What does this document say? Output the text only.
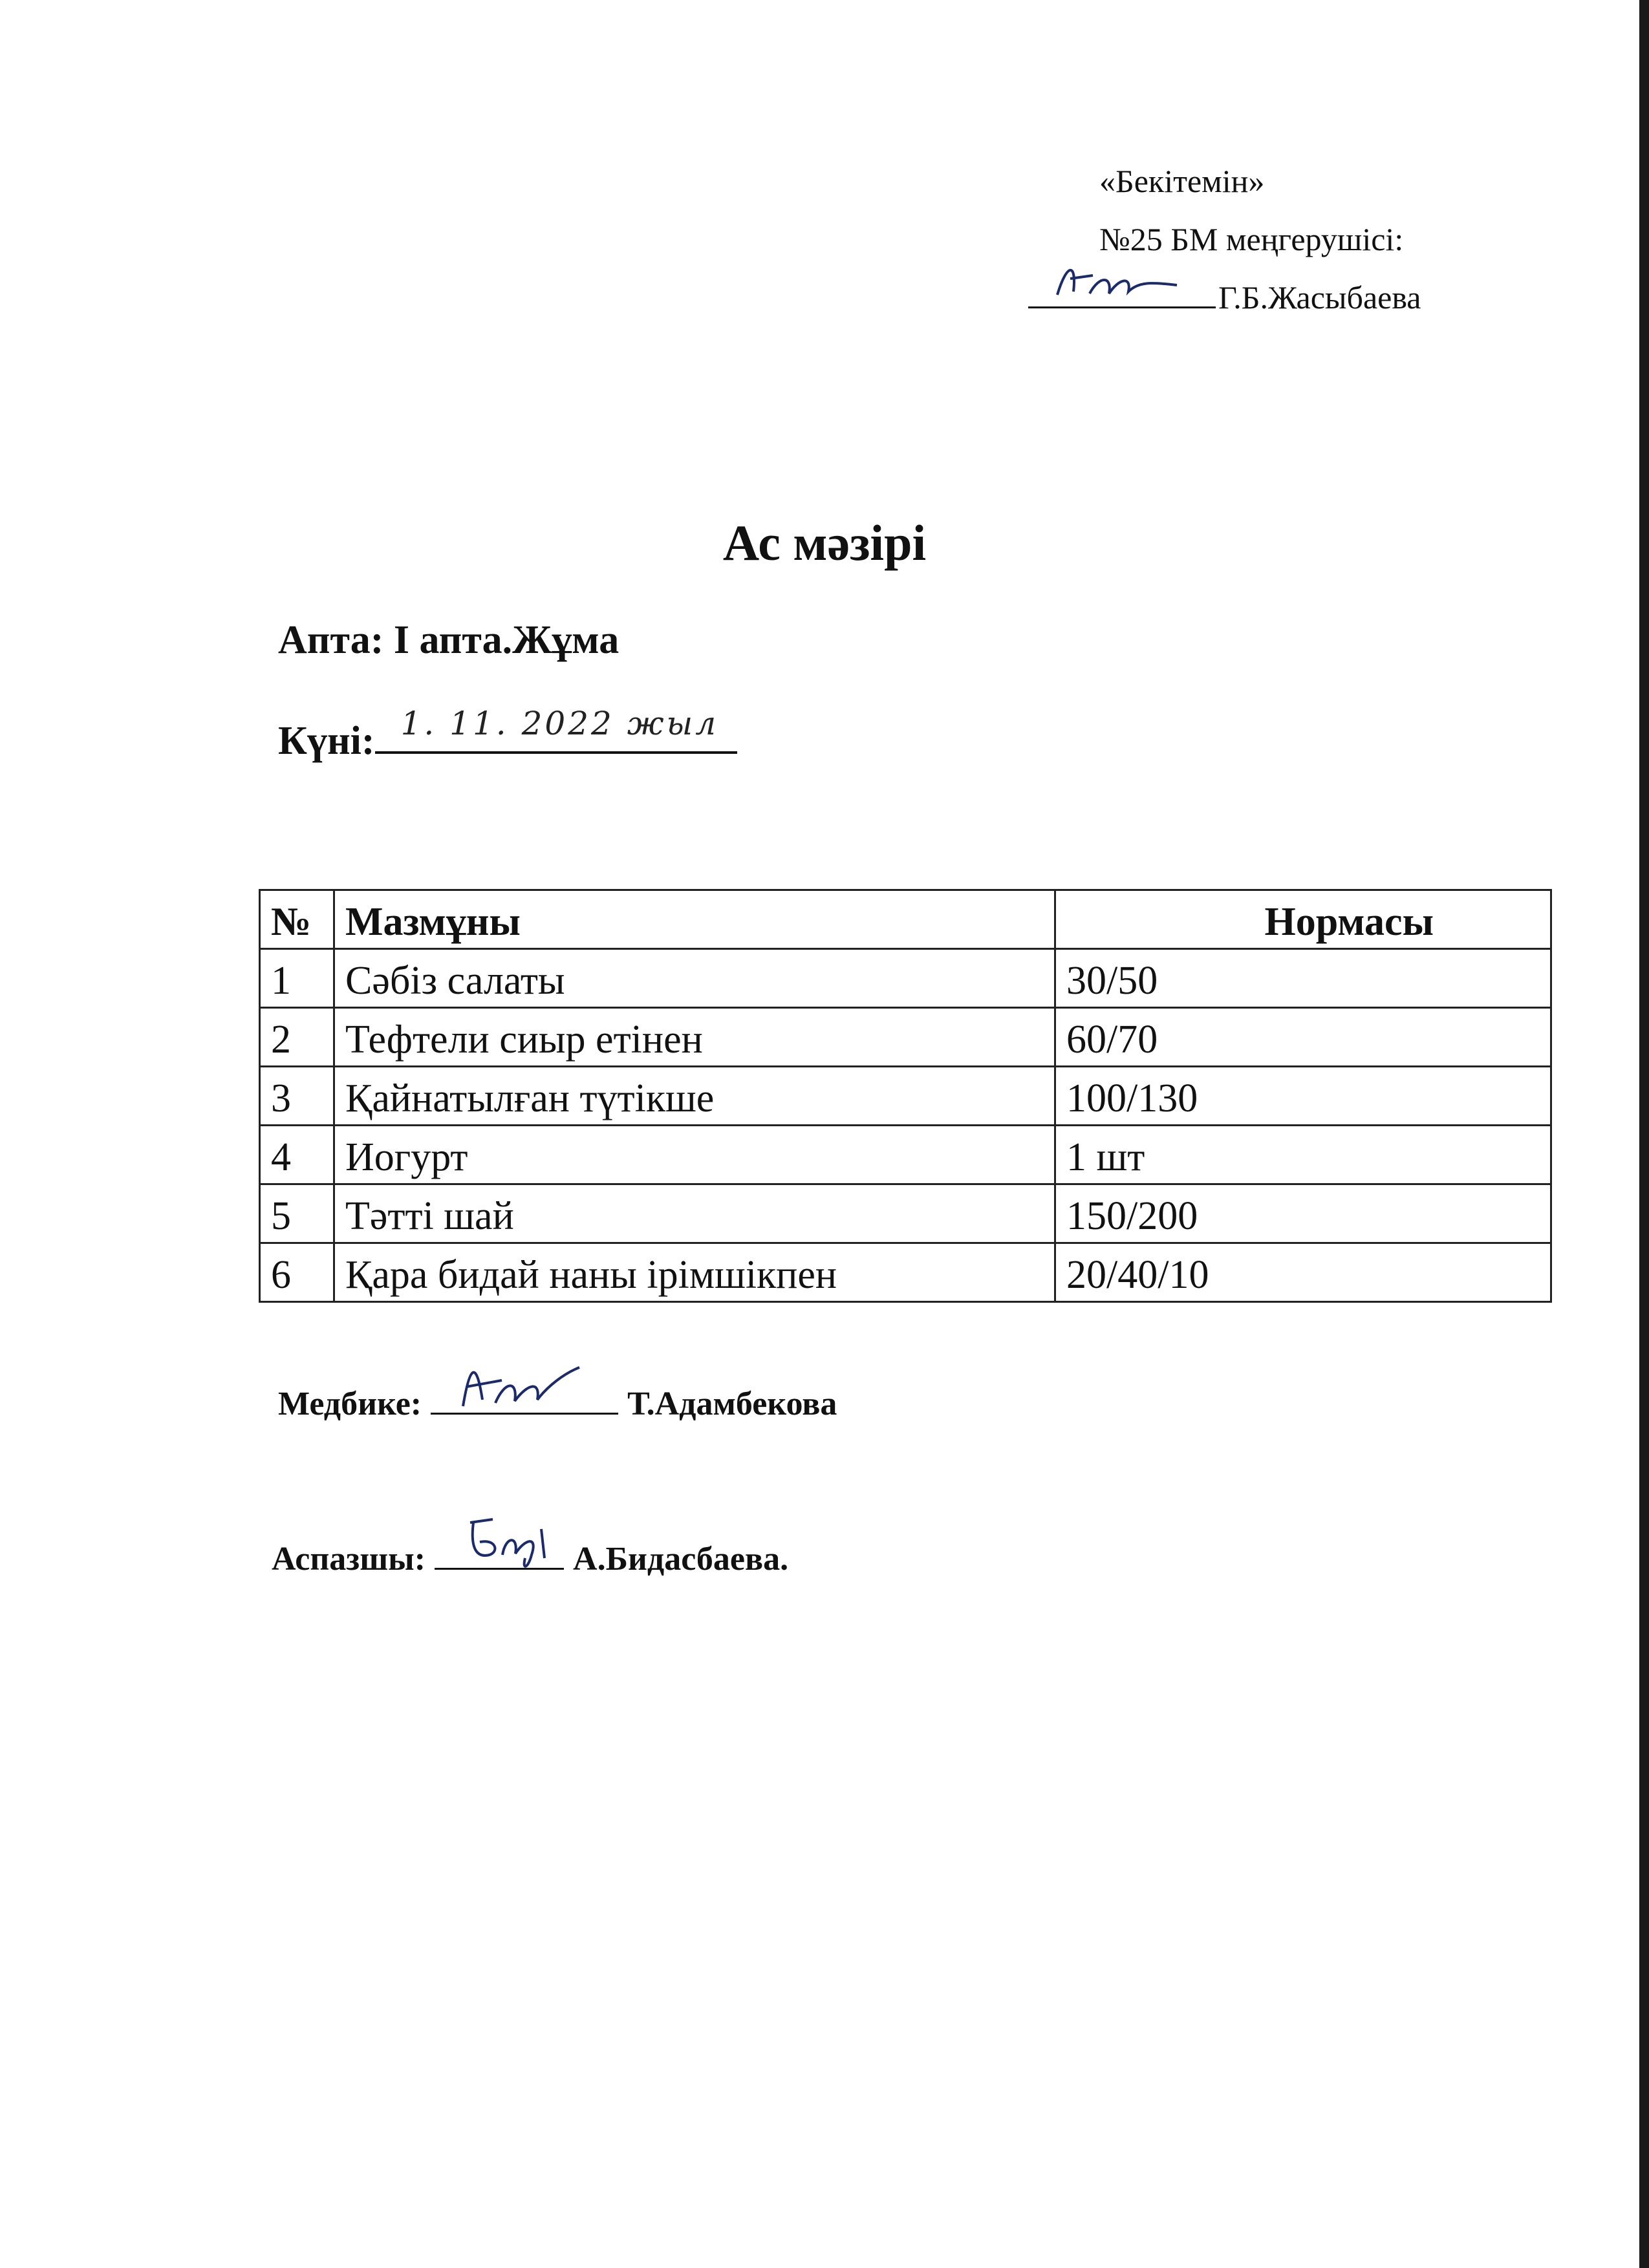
«Бекітемін»
№25 БМ меңгерушісі:
Г.Б.Жасыбаева
Ас мәзірі
Апта: І апта.Жұма
Күні: 1. 11. 2022 жыл
№	Мазмұны	Нормасы
1	Сәбіз салаты	30/50
2	Тефтели сиыр етінен	60/70
3	Қайнатылған түтікше	100/130
4	Иогурт	1 шт
5	Тәтті шай	150/200
6	Қара бидай наны ірімшікпен	20/40/10
Медбике:	Т.Адамбекова
Аспазшы:	А.Бидасбаева.
